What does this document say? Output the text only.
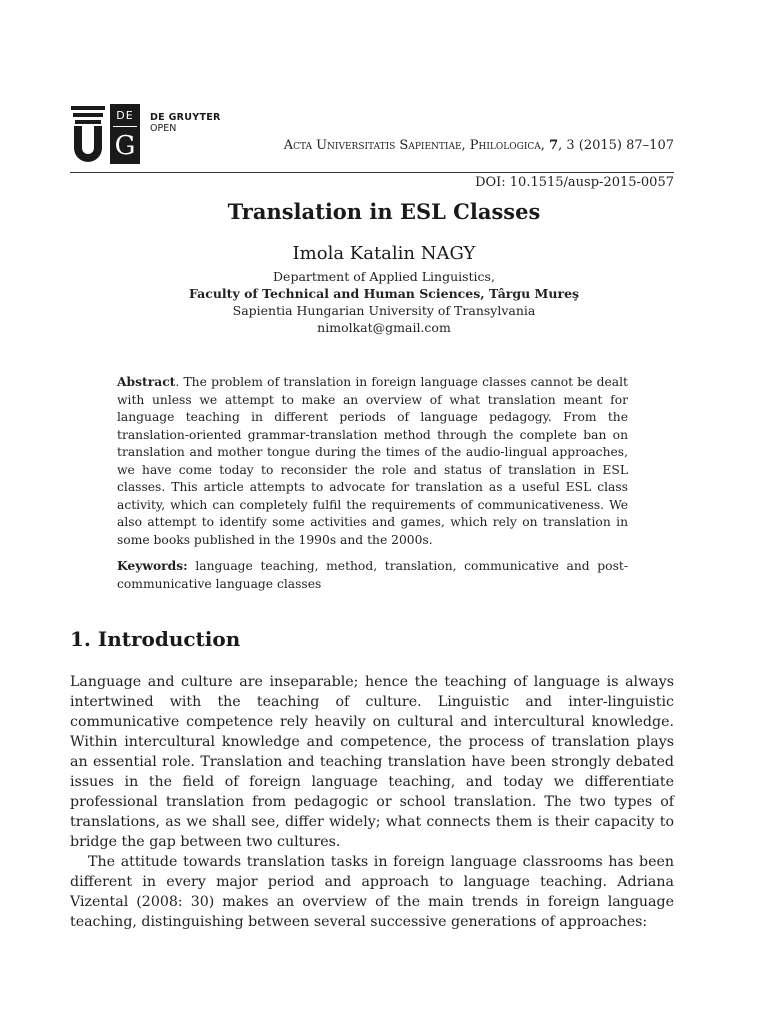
DE
G
DE GRUYTER
OPEN
Acta Universitatis Sapientiae, Philologica, 7, 3 (2015) 87–107
DOI: 10.1515/ausp-2015-0057
Translation in ESL Classes
Imola Katalin NAGY
Department of Applied Linguistics,
Faculty of Technical and Human Sciences, Târgu Mureş
Sapientia Hungarian University of Transylvania
nimolkat@gmail.com
Abstract. The problem of translation in foreign language classes cannot be dealt with unless we attempt to make an overview of what translation meant for language teaching in different periods of language pedagogy. From the translation-oriented grammar-translation method through the complete ban on translation and mother tongue during the times of the audio-lingual approaches, we have come today to reconsider the role and status of translation in ESL classes. This article attempts to advocate for translation as a useful ESL class activity, which can completely fulfil the requirements of communicativeness. We also attempt to identify some activities and games, which rely on translation in some books published in the 1990s and the 2000s.
Keywords: language teaching, method, translation, communicative and post-communicative language classes
1. Introduction

Language and culture are inseparable; hence the teaching of language is always intertwined with the teaching of culture. Linguistic and inter-linguistic communicative competence rely heavily on cultural and intercultural knowledge. Within intercultural knowledge and competence, the process of translation plays an essential role. Translation and teaching translation have been strongly debated issues in the field of foreign language teaching, and today we differentiate professional translation from pedagogic or school translation. The two types of translations, as we shall see, differ widely; what connects them is their capacity to bridge the gap between two cultures.

The attitude towards translation tasks in foreign language classrooms has been different in every major period and approach to language teaching. Adriana Vizental (2008: 30) makes an overview of the main trends in foreign language teaching, distinguishing between several successive generations of approaches:
